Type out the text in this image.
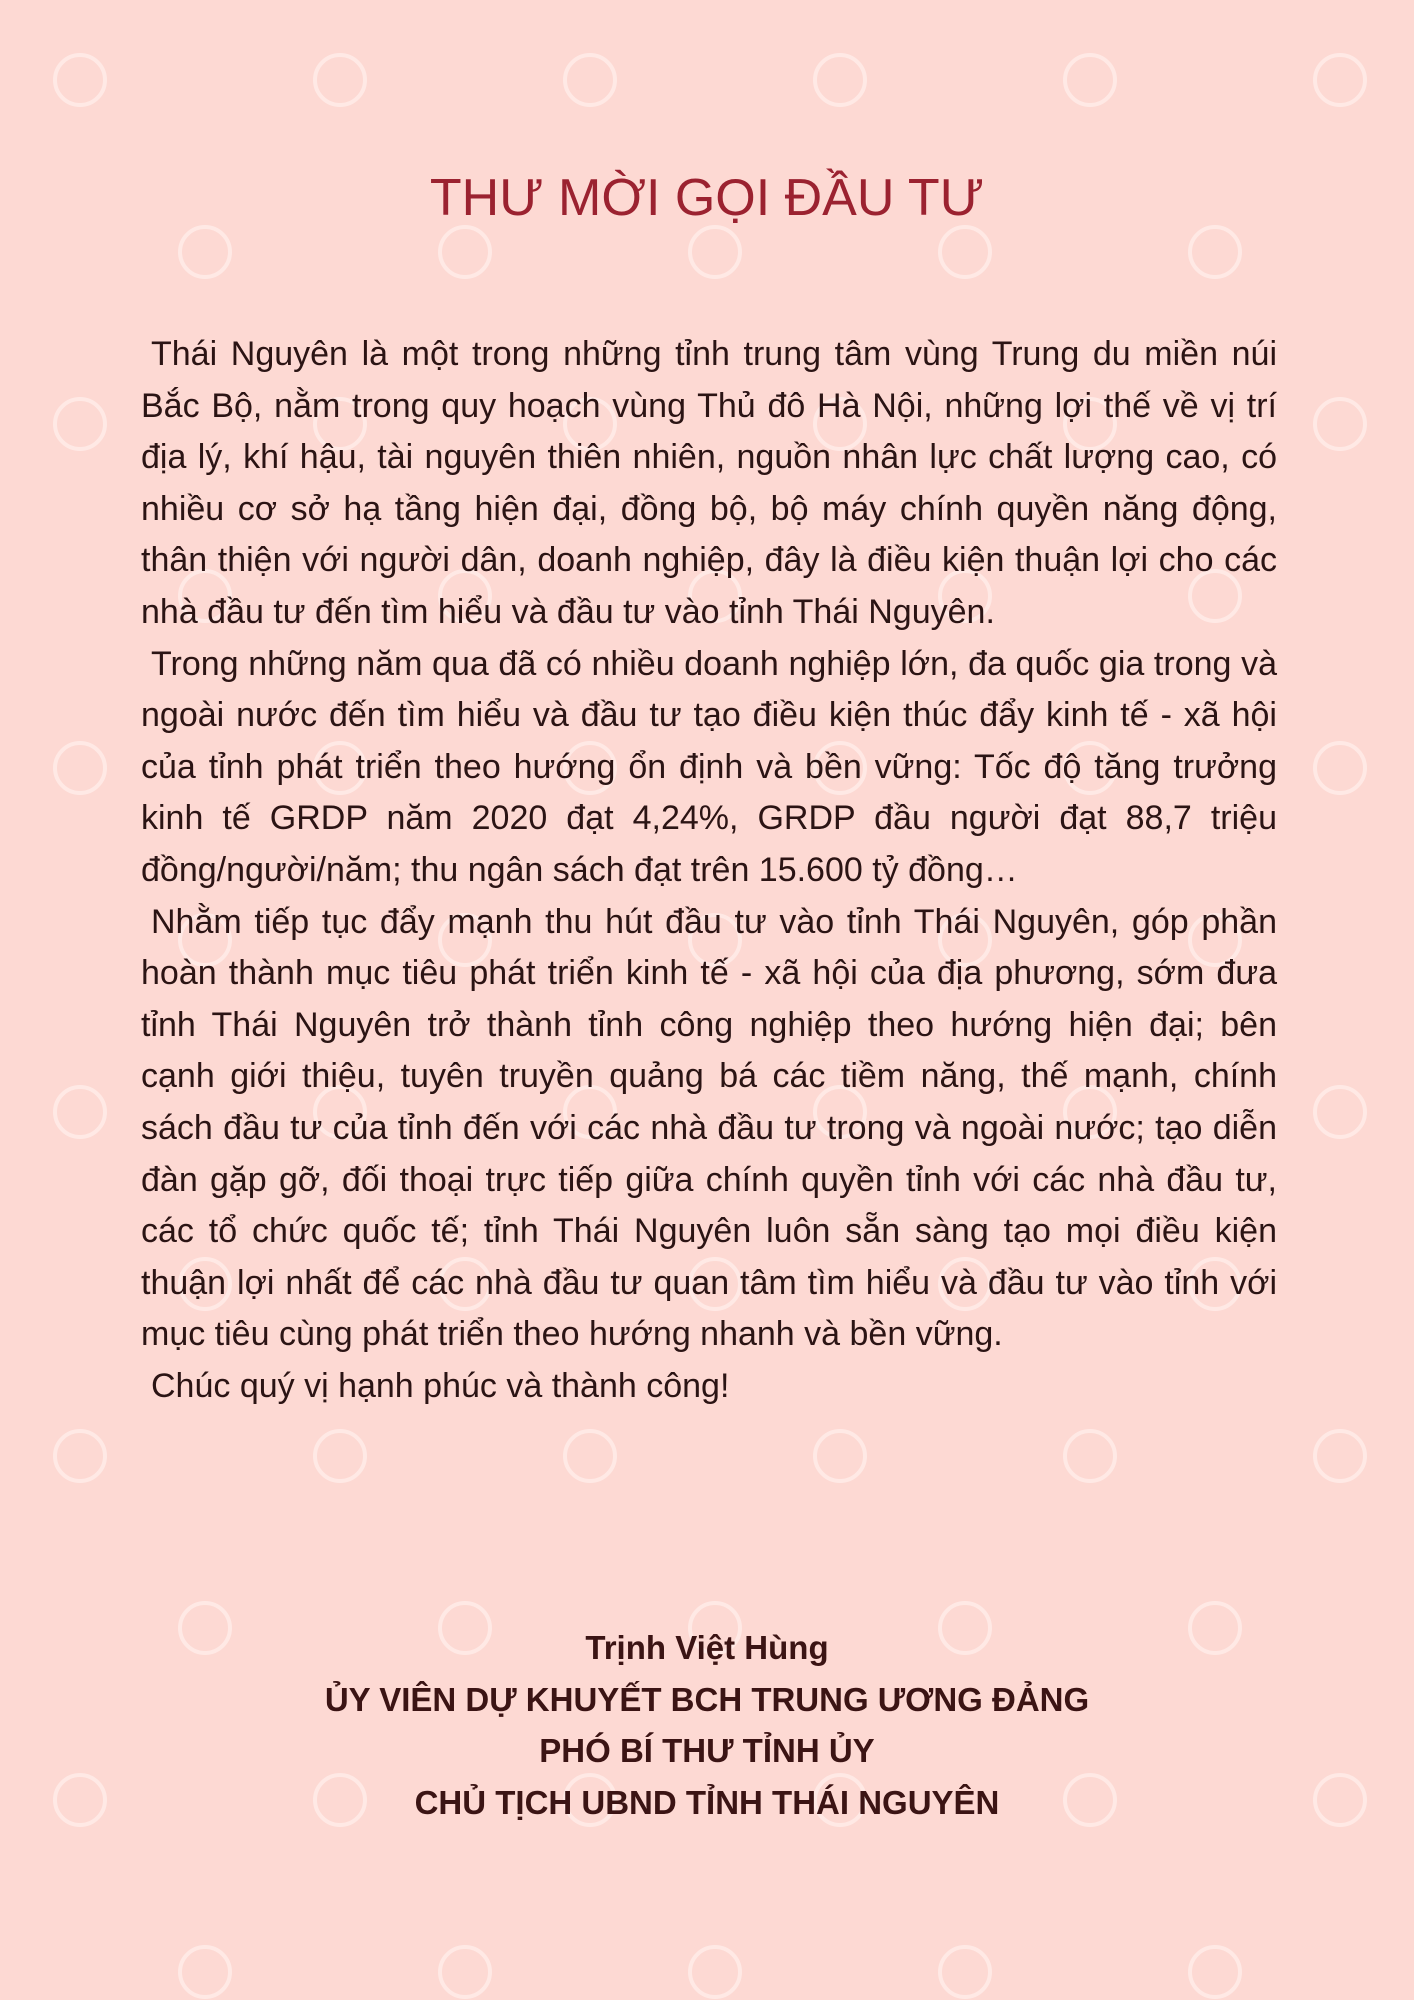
THƯ MỜI GỌI ĐẦU TƯ

Thái Nguyên là một trong những tỉnh trung tâm vùng Trung du miền núi Bắc Bộ, nằm trong quy hoạch vùng Thủ đô Hà Nội, những lợi thế về vị trí địa lý, khí hậu, tài nguyên thiên nhiên, nguồn nhân lực chất lượng cao, có nhiều cơ sở hạ tầng hiện đại, đồng bộ, bộ máy chính quyền năng động, thân thiện với người dân, doanh nghiệp, đây là điều kiện thuận lợi cho các nhà đầu tư đến tìm hiểu và đầu tư vào tỉnh Thái Nguyên.

Trong những năm qua đã có nhiều doanh nghiệp lớn, đa quốc gia trong và ngoài nước đến tìm hiểu và đầu tư tạo điều kiện thúc đẩy kinh tế - xã hội của tỉnh phát triển theo hướng ổn định và bền vững: Tốc độ tăng trưởng kinh tế GRDP năm 2020 đạt 4,24%, GRDP đầu người đạt 88,7 triệu đồng/người/năm; thu ngân sách đạt trên 15.600 tỷ đồng…

Nhằm tiếp tục đẩy mạnh thu hút đầu tư vào tỉnh Thái Nguyên, góp phần hoàn thành mục tiêu phát triển kinh tế - xã hội của địa phương, sớm đưa tỉnh Thái Nguyên trở thành tỉnh công nghiệp theo hướng hiện đại; bên cạnh giới thiệu, tuyên truyền quảng bá các tiềm năng, thế mạnh, chính sách đầu tư của tỉnh đến với các nhà đầu tư trong và ngoài nước; tạo diễn đàn gặp gỡ, đối thoại trực tiếp giữa chính quyền tỉnh với các nhà đầu tư, các tổ chức quốc tế; tỉnh Thái Nguyên luôn sẵn sàng tạo mọi điều kiện thuận lợi nhất để các nhà đầu tư quan tâm tìm hiểu và đầu tư vào tỉnh với mục tiêu cùng phát triển theo hướng nhanh và bền vững.

Chúc quý vị hạnh phúc và thành công!

Trịnh Việt Hùng
ỦY VIÊN DỰ KHUYẾT BCH TRUNG ƯƠNG ĐẢNG
PHÓ BÍ THƯ TỈNH ỦY
CHỦ TỊCH UBND TỈNH THÁI NGUYÊN
